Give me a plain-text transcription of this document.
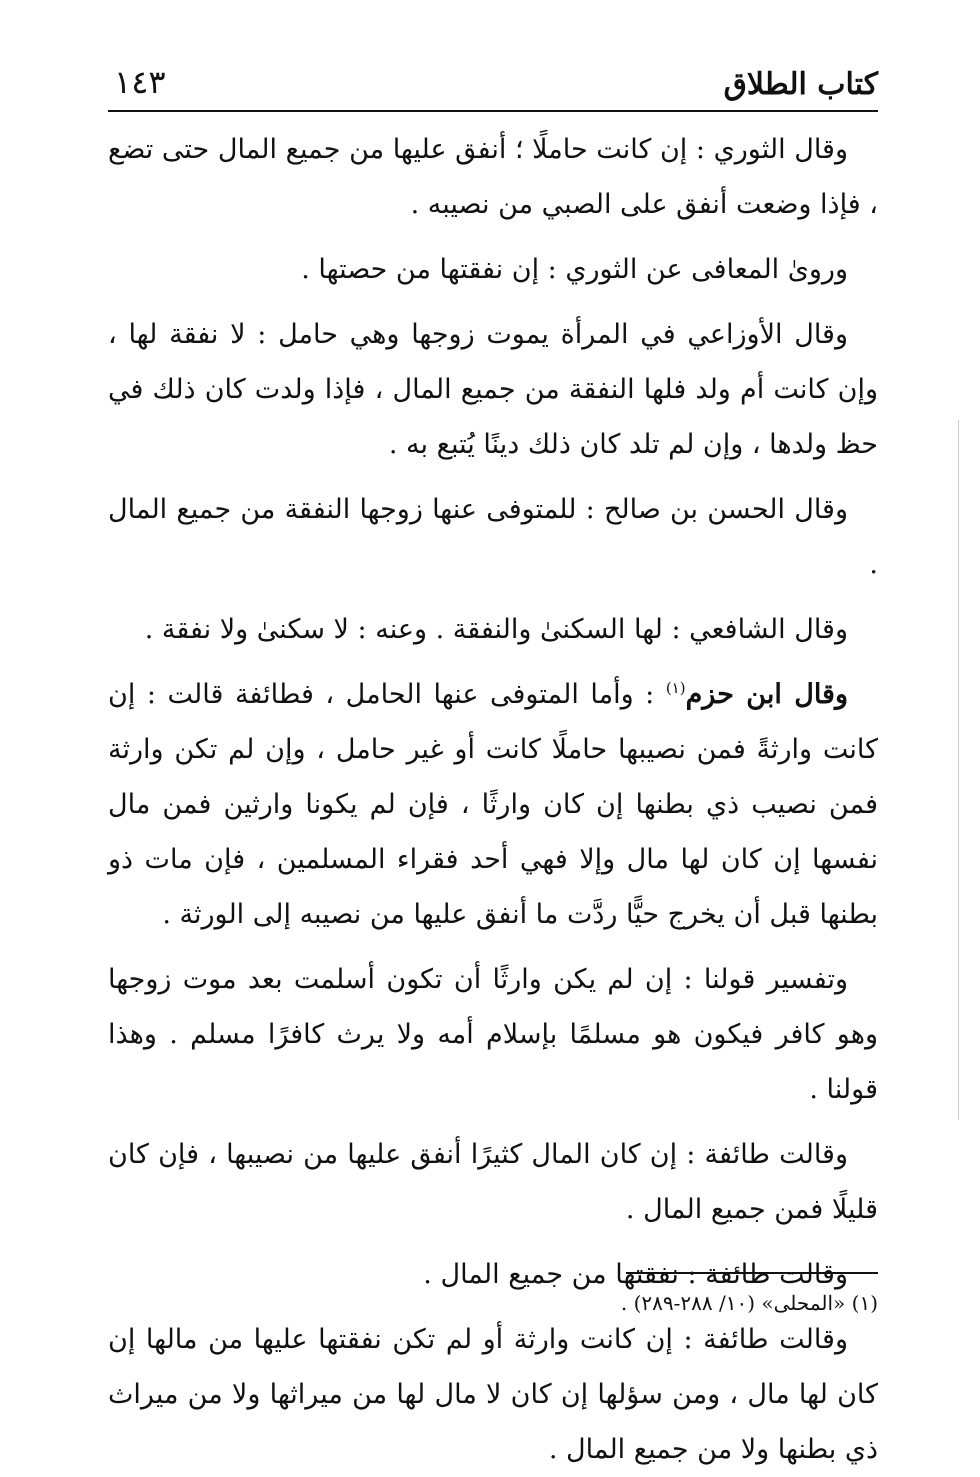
كتاب الطلاق
١٤٣

وقال الثوري : إن كانت حاملًا ؛ أنفق عليها من جميع المال حتى تضع ، فإذا وضعت أنفق على الصبي من نصيبه .

وروىٰ المعافى عن الثوري : إن نفقتها من حصتها .

وقال الأوزاعي في المرأة يموت زوجها وهي حامل : لا نفقة لها ، وإن كانت أم ولد فلها النفقة من جميع المال ، فإذا ولدت كان ذلك في حظ ولدها ، وإن لم تلد كان ذلك دينًا يُتبع به .

وقال الحسن بن صالح : للمتوفى عنها زوجها النفقة من جميع المال .

وقال الشافعي : لها السكنىٰ والنفقة . وعنه : لا سكنىٰ ولا نفقة .

وقال ابن حزم$^{(١)}$ : وأما المتوفى عنها الحامل ، فطائفة قالت : إن كانت وارثةً فمن نصيبها حاملًا كانت أو غير حامل ، وإن لم تكن وارثة فمن نصيب ذي بطنها إن كان وارثًا ، فإن لم يكونا وارثين فمن مال نفسها إن كان لها مال وإلا فهي أحد فقراء المسلمين ، فإن مات ذو بطنها قبل أن يخرج حيًّا ردَّت ما أنفق عليها من نصيبه إلى الورثة .

وتفسير قولنا : إن لم يكن وارثًا أن تكون أسلمت بعد موت زوجها وهو كافر فيكون هو مسلمًا بإسلام أمه ولا يرث كافرًا مسلم . وهذا قولنا .

وقالت طائفة : إن كان المال كثيرًا أنفق عليها من نصيبها ، فإن كان قليلًا فمن جميع المال .

وقالت طائفة : نفقتها من جميع المال .

وقالت طائفة : إن كانت وارثة أو لم تكن نفقتها عليها من مالها إن كان لها مال ، ومن سؤلها إن كان لا مال لها من ميراثها ولا من ميراث ذي بطنها ولا من جميع المال .

(١) «المحلى» (١٠/ ٢٨٨-٢٨٩) .
